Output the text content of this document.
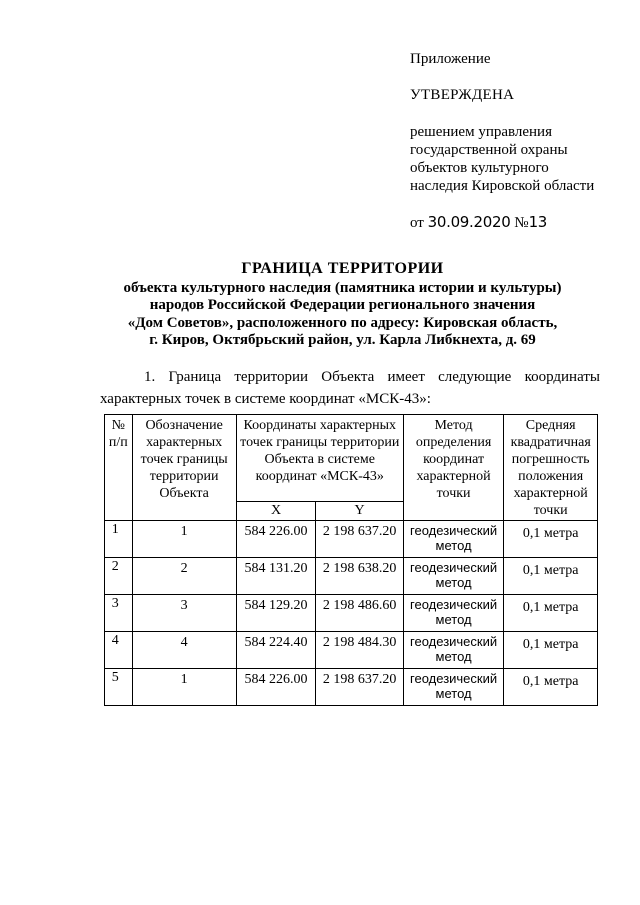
Приложение
УТВЕРЖДЕНА
решением управления
государственной охраны
объектов культурного
наследия Кировской области
от 30.09.2020 №13
ГРАНИЦА ТЕРРИТОРИИ
объекта культурного наследия (памятника истории и культуры)
народов Российской Федерации регионального значения
«Дом Советов», расположенного по адресу: Кировская область,
г. Киров, Октябрьский район, ул. Карла Либкнехта, д. 69
1. Граница территории Объекта имеет следующие координаты
характерных точек в системе координат «МСК-43»:
№ п/п	Обозначение характерных точек границы территории Объекта	Координаты характерных точек границы территории Объекта в системе координат «МСК-43»		Метод определения координат характерной точки	Средняя квадратичная погрешность положения характерной точки
		X	Y		
1	1	584 226.00	2 198 637.20	геодезический метод	0,1 метра
2	2	584 131.20	2 198 638.20	геодезический метод	0,1 метра
3	3	584 129.20	2 198 486.60	геодезический метод	0,1 метра
4	4	584 224.40	2 198 484.30	геодезический метод	0,1 метра
5	1	584 226.00	2 198 637.20	геодезический метод	0,1 метра
